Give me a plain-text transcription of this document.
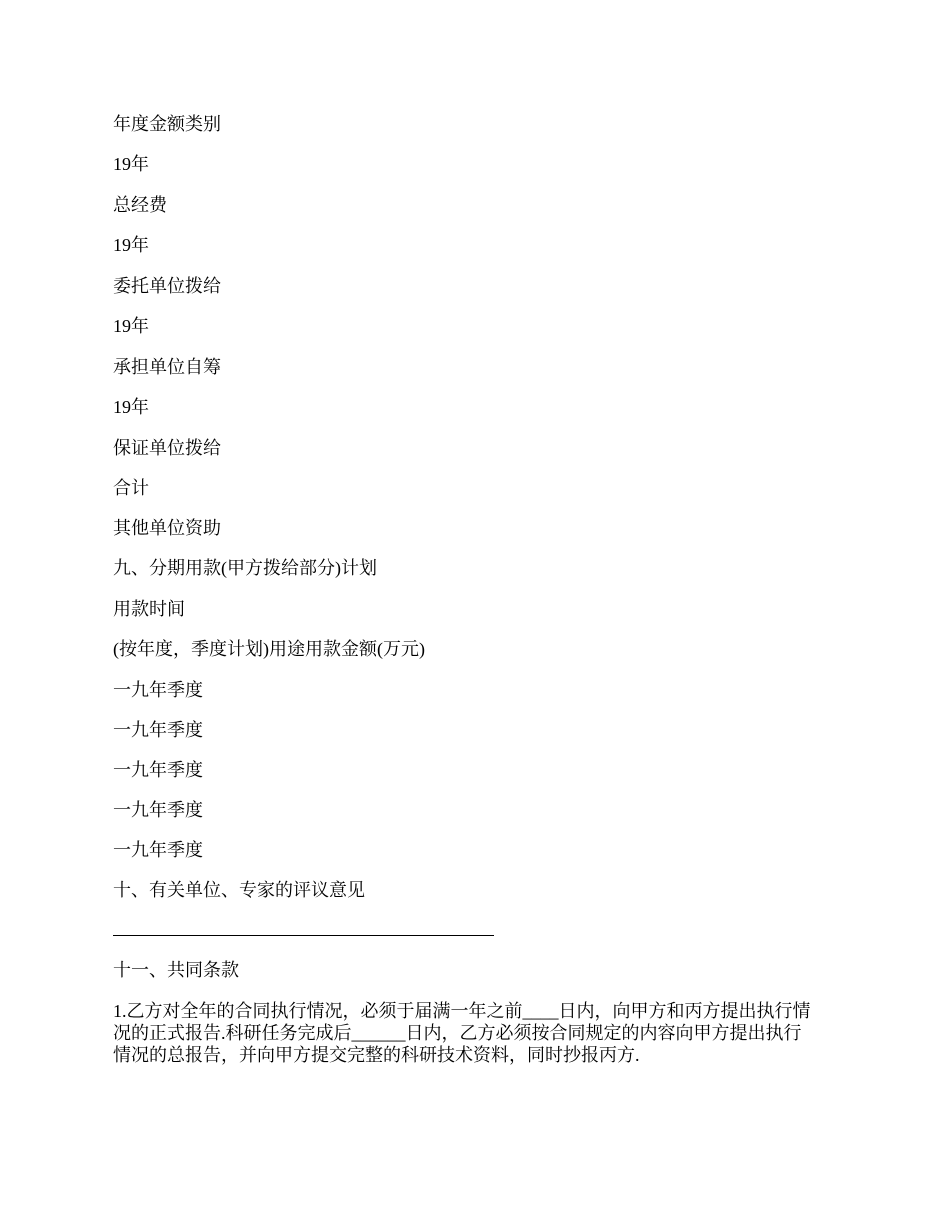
年度金额类别
19年
总经费
19年
委托单位拨给
19年
承担单位自筹
19年
保证单位拨给
合计
其他单位资助
九、分期用款(甲方拨给部分)计划
用款时间
(按年度，季度计划)用途用款金额(万元)
一九年季度
一九年季度
一九年季度
一九年季度
一九年季度
十、有关单位、专家的评议意见
十一、共同条款
1.乙方对全年的合同执行情况，必须于届满一年之前____日内，向甲方和丙方提出执行情
况的正式报告.科研任务完成后______日内，乙方必须按合同规定的内容向甲方提出执行
情况的总报告，并向甲方提交完整的科研技术资料，同时抄报丙方.
